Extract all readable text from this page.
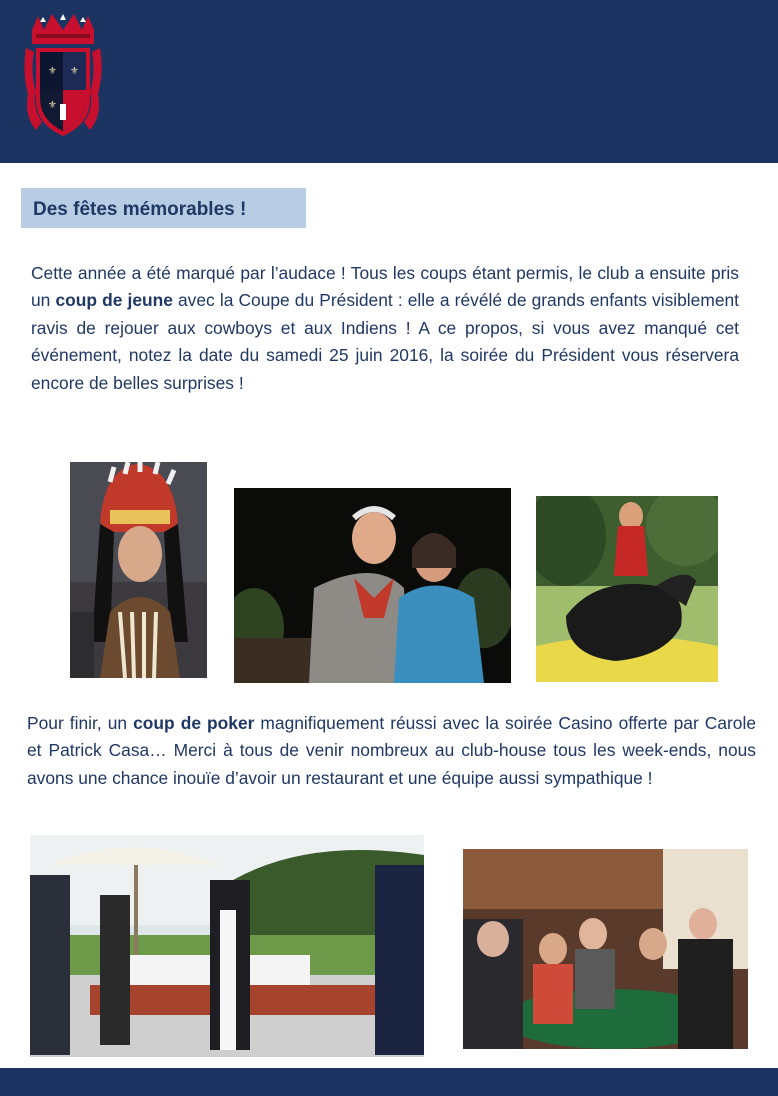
⚜ ⚜
⚜
Des fêtes mémorables !

Cette année a été marqué par l’audace ! Tous les coups étant permis, le club a ensuite pris un coup de jeune avec la Coupe du Président : elle a révélé de grands enfants visiblement ravis de rejouer aux cowboys et aux Indiens ! A ce propos, si vous avez manqué cet événement, notez la date du samedi 25 juin 2016, la soirée du Président vous réservera encore de belles surprises !

Pour finir, un coup de poker magnifiquement réussi avec la soirée Casino offerte par Carole et Patrick Casa… Merci à tous de venir nombreux au club-house tous les week-ends, nous avons une chance inouïe d’avoir un restaurant et une équipe aussi sympathique !
